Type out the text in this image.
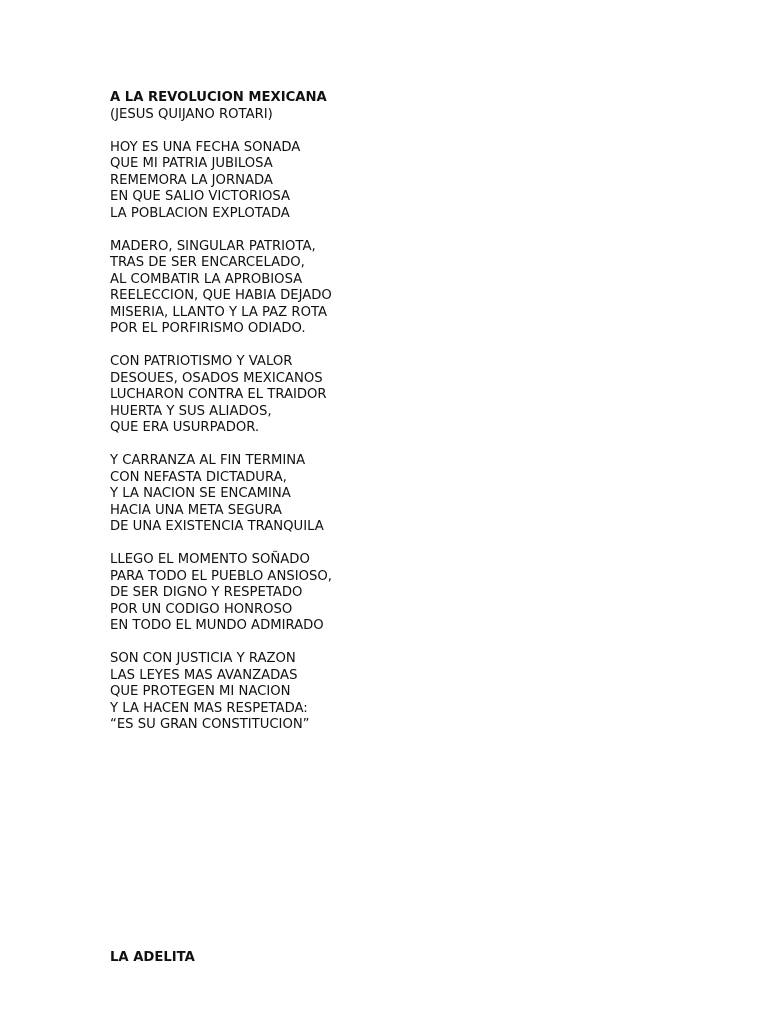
A LA REVOLUCION MEXICANA
(JESUS QUIJANO ROTARI)
HOY ES UNA FECHA SONADA
QUE MI PATRIA JUBILOSA
REMEMORA LA JORNADA
EN QUE SALIO VICTORIOSA
LA POBLACION EXPLOTADA
MADERO, SINGULAR PATRIOTA,
TRAS DE SER ENCARCELADO,
AL COMBATIR LA APROBIOSA
REELECCION, QUE HABIA DEJADO
MISERIA, LLANTO Y LA PAZ ROTA
POR EL PORFIRISMO ODIADO.
CON PATRIOTISMO Y VALOR
DESOUES, OSADOS MEXICANOS
LUCHARON CONTRA EL TRAIDOR
HUERTA Y SUS ALIADOS,
QUE ERA USURPADOR.
Y CARRANZA AL FIN TERMINA
CON NEFASTA DICTADURA,
Y LA NACION SE ENCAMINA
HACIA UNA META SEGURA
DE UNA EXISTENCIA TRANQUILA
LLEGO EL MOMENTO SOÑADO
PARA TODO EL PUEBLO ANSIOSO,
DE SER DIGNO Y RESPETADO
POR UN CODIGO HONROSO
EN TODO EL MUNDO ADMIRADO
SON CON JUSTICIA Y RAZON
LAS LEYES MAS AVANZADAS
QUE PROTEGEN MI NACION
Y LA HACEN MAS RESPETADA:
“ES SU GRAN CONSTITUCION”
LA ADELITA
